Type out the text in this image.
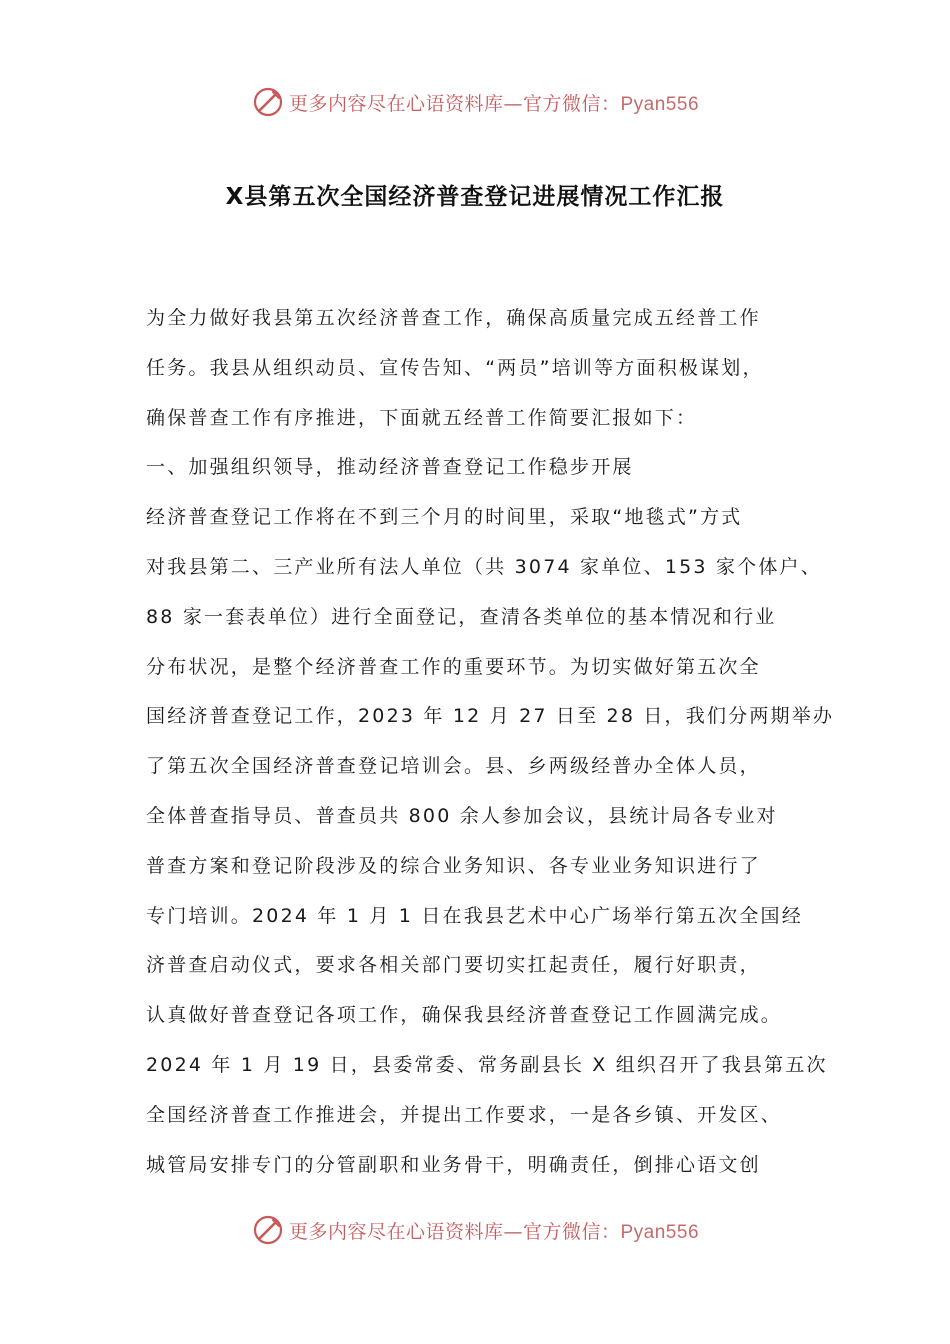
更多内容尽在心语资料库—官方微信：Pyan556
X县第五次全国经济普查登记进展情况工作汇报
为全力做好我县第五次经济普查工作，确保高质量完成五经普工作
任务。我县从组织动员、宣传告知、“两员”培训等方面积极谋划，
确保普查工作有序推进，下面就五经普工作简要汇报如下：
一、加强组织领导，推动经济普查登记工作稳步开展
经济普查登记工作将在不到三个月的时间里，采取“地毯式”方式
对我县第二、三产业所有法人单位（共 3074 家单位、153 家个体户、
88 家一套表单位）进行全面登记，查清各类单位的基本情况和行业
分布状况，是整个经济普查工作的重要环节。为切实做好第五次全
国经济普查登记工作，2023 年 12 月 27 日至 28 日，我们分两期举办
了第五次全国经济普查登记培训会。县、乡两级经普办全体人员，
全体普查指导员、普查员共 800 余人参加会议，县统计局各专业对
普查方案和登记阶段涉及的综合业务知识、各专业业务知识进行了
专门培训。2024 年 1 月 1 日在我县艺术中心广场举行第五次全国经
济普查启动仪式，要求各相关部门要切实扛起责任，履行好职责，
认真做好普查登记各项工作，确保我县经济普查登记工作圆满完成。
2024 年 1 月 19 日，县委常委、常务副县长 X 组织召开了我县第五次
全国经济普查工作推进会，并提出工作要求，一是各乡镇、开发区、
城管局安排专门的分管副职和业务骨干，明确责任，倒排心语文创
更多内容尽在心语资料库—官方微信：Pyan556
